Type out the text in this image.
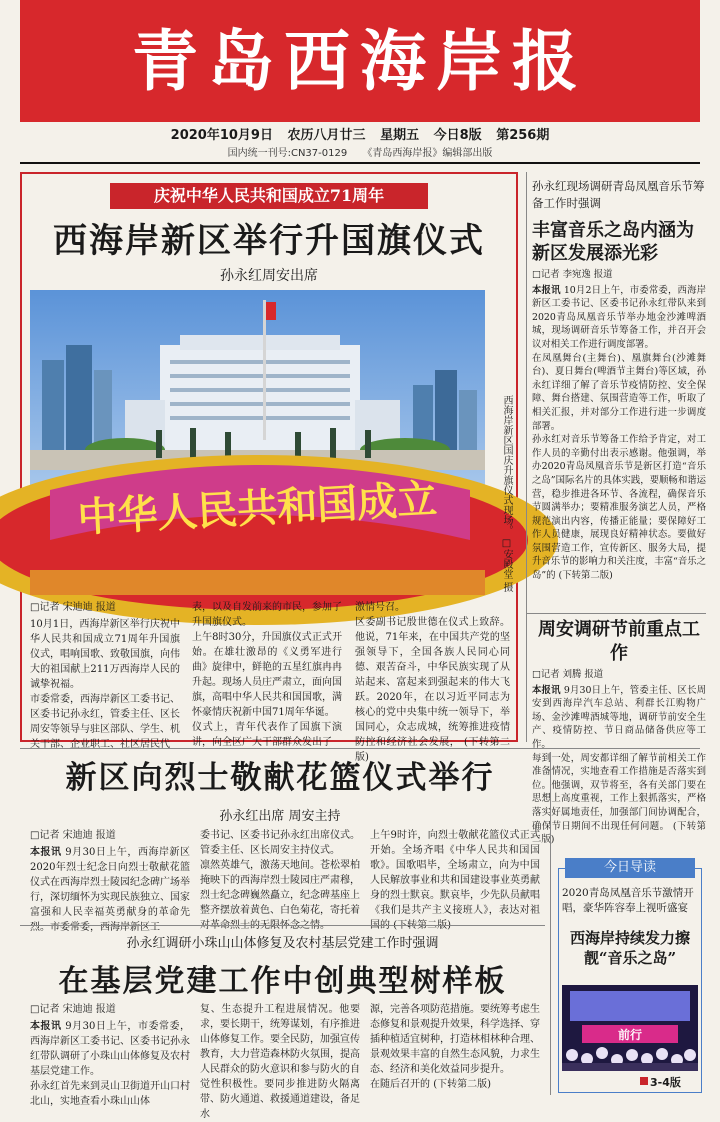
青岛西海岸报
2020年10月9日 农历八月廿三 星期五 今日8版 第256期
国内统一刊号:CN37-0129 《青岛西海岸报》编辑部出版
庆祝中华人民共和国成立71周年
西海岸新区举行升国旗仪式
孙永红周安出席
中华人民共和国成立	西海岸新区国庆升旗仪式现场。 □安殿堂 摄
□记者 宋迪迪 报道
10月1日，西海岸新区举行庆祝中华人民共和国成立71周年升国旗仪式，唱响国歌、致敬国旗，向伟大的祖国献上211万西海岸人民的诚挚祝福。
市委常委，西海岸新区工委书记、区委书记孙永红，管委主任、区长周安等领导与驻区部队、学生、机关干部、企业职工、社区居民代
表，以及自发前来的市民，参加了升国旗仪式。
上午8时30分，升国旗仪式正式开始。在雄壮激昂的《义勇军进行曲》旋律中，鲜艳的五星红旗冉冉升起。现场人员庄严肃立，面向国旗，高唱中华人民共和国国歌，满怀豪情庆祝新中国71周年华诞。
仪式上，青年代表作了国旗下演讲，向全区广大干部群众发出了
激情号召。
区委副书记殷世德在仪式上致辞。他说，71年来，在中国共产党的坚强领导下，全国各族人民同心同德、艰苦奋斗，中华民族实现了从站起来、富起来到强起来的伟大飞跃。2020年，在以习近平同志为核心的党中央集中统一领导下，举国同心，众志成城，统筹推进疫情防控和经济社会发展， (下转第二版)
孙永红现场调研青岛凤凰音乐节筹备工作时强调
丰富音乐之岛内涵为新区发展添光彩
□记者 李宛逸 报道
本报讯 10月2日上午，市委常委，西海岸新区工委书记、区委书记孙永红带队来到2020青岛凤凰音乐节举办地金沙滩啤酒城，现场调研音乐节筹备工作，并召开会议对相关工作进行调度部署。
在凤凰舞台(主舞台)、凰旗舞台(沙滩舞台)、夏日舞台(啤酒节主舞台)等区域，孙永红详细了解了音乐节疫情防控、安全保障、舞台搭建、氛围营造等工作，听取了相关汇报，并对部分工作进行进一步调度部署。
孙永红对音乐节筹备工作给予肯定，对工作人员的辛勤付出表示感谢。他强调，举办2020青岛凤凰音乐节是新区打造“音乐之岛”国际名片的具体实践，要顺畅和谐运营，稳步推进各环节、各流程，确保音乐节圆满举办；要精准服务演艺人员，严格规范演出内容，传播正能量；要保障好工作人员健康，展现良好精神状态。要做好氛围营造工作，宣传新区、服务大局，提升音乐节的影响力和关注度，丰富“音乐之岛”的 (下转第二版)
周安调研节前重点工作
□记者 刘腾 报道
本报讯 9月30日上午，管委主任、区长周安到西海岸汽车总站、利群长江购物广场、金沙滩啤酒城等地，调研节前安全生产、疫情防控、节日商品储备供应等工作。
每到一处，周安都详细了解节前相关工作准备情况，实地查看工作措施是否落实到位。他强调，双节将至，各有关部门要在思想上高度重视，工作上狠抓落实，严格落实好属地责任，加强部门间协调配合，确保节日期间不出现任何问题。 (下转第二版)
新区向烈士敬献花篮仪式举行
孙永红出席 周安主持
□记者 宋迪迪 报道
本报讯 9月30日上午，西海岸新区2020年烈士纪念日向烈士敬献花篮仪式在西海岸烈士陵园纪念碑广场举行，深切缅怀为实现民族独立、国家富强和人民幸福英勇献身的革命先烈。市委常委，西海岸新区工
委书记、区委书记孙永红出席仪式。管委主任、区长周安主持仪式。
凛然英雄气，激荡天地间。苍松翠柏掩映下的西海岸烈士陵园庄严肃穆，烈士纪念碑巍然矗立，纪念碑基座上整齐摆放着黄色、白色菊花，寄托着对革命烈士的无限怀念之情。
上午9时许，向烈士敬献花篮仪式正式开始。全场齐唱《中华人民共和国国歌》。国歌唱毕，全场肃立，向为中国人民解放事业和共和国建设事业英勇献身的烈士默哀。默哀毕，少先队员献唱《我们是共产主义接班人》，表达对祖国的 (下转第二版)
孙永红调研小珠山山体修复及农村基层党建工作时强调
在基层党建工作中创典型树样板
□记者 宋迪迪 报道
本报讯 9月30日上午，市委常委，西海岸新区工委书记、区委书记孙永红带队调研了小珠山山体修复及农村基层党建工作。
孙永红首先来到灵山卫街道开山口村北山，实地查看小珠山山体
复、生态提升工程进展情况。他要求，要长期干，统筹谋划，有序推进山体修复工作。要全民防，加强宣传教育，大力营造森林防火氛围，提高人民群众的防火意识和参与防火的自觉性积极性。要同步推进防火隔离带、防火通道、救援通道建设，备足水
源，完善各项防范措施。要统筹考虑生态修复和景观提升效果，科学选择、穿插种植适宜树种，打造林相林种合理、景观效果丰富的自然生态风貌，力求生态、经济和美化效益同步提升。
在随后召开的 (下转第二版)
今日导读
2020青岛凤凰音乐节激情开唱，豪华阵容奉上视听盛宴
西海岸持续发力擦靓“音乐之岛”
前行
3-4版
